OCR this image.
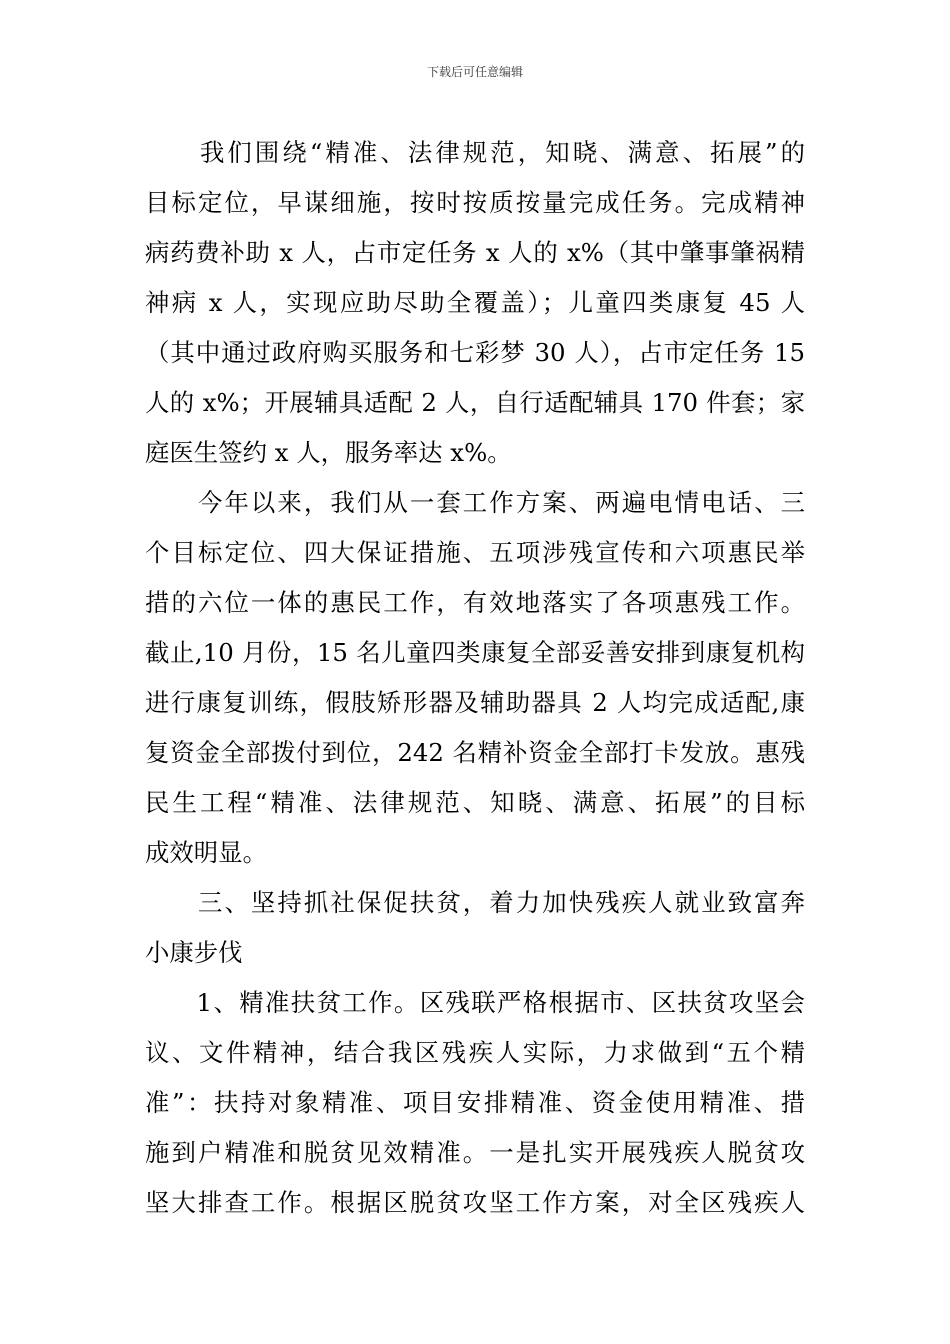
下载后可任意编辑
　　我们围绕“精准、法律规范，知晓、满意、拓展”的
目标定位，早谋细施，按时按质按量完成任务。完成精神
病药费补助 x 人，占市定任务 x 人的 x%（其中肇事肇祸精
神病 x 人，实现应助尽助全覆盖）；儿童四类康复 45 人
（其中通过政府购买服务和七彩梦 30 人），占市定任务 15
人的 x%；开展辅具适配 2 人，自行适配辅具 170 件套；家
庭医生签约 x 人，服务率达 x%。
　　今年以来，我们从一套工作方案、两遍电情电话、三
个目标定位、四大保证措施、五项涉残宣传和六项惠民举
措的六位一体的惠民工作，有效地落实了各项惠残工作。
截止,10 月份，15 名儿童四类康复全部妥善安排到康复机构
进行康复训练，假肢矫形器及辅助器具 2 人均完成适配,康
复资金全部拨付到位，242 名精补资金全部打卡发放。惠残
民生工程“精准、法律规范、知晓、满意、拓展”的目标
成效明显。
　　三、坚持抓社保促扶贫，着力加快残疾人就业致富奔
小康步伐
　　1、精准扶贫工作。区残联严格根据市、区扶贫攻坚会
议、文件精神，结合我区残疾人实际，力求做到“五个精
准”：扶持对象精准、项目安排精准、资金使用精准、措
施到户精准和脱贫见效精准。一是扎实开展残疾人脱贫攻
坚大排查工作。根据区脱贫攻坚工作方案，对全区残疾人
